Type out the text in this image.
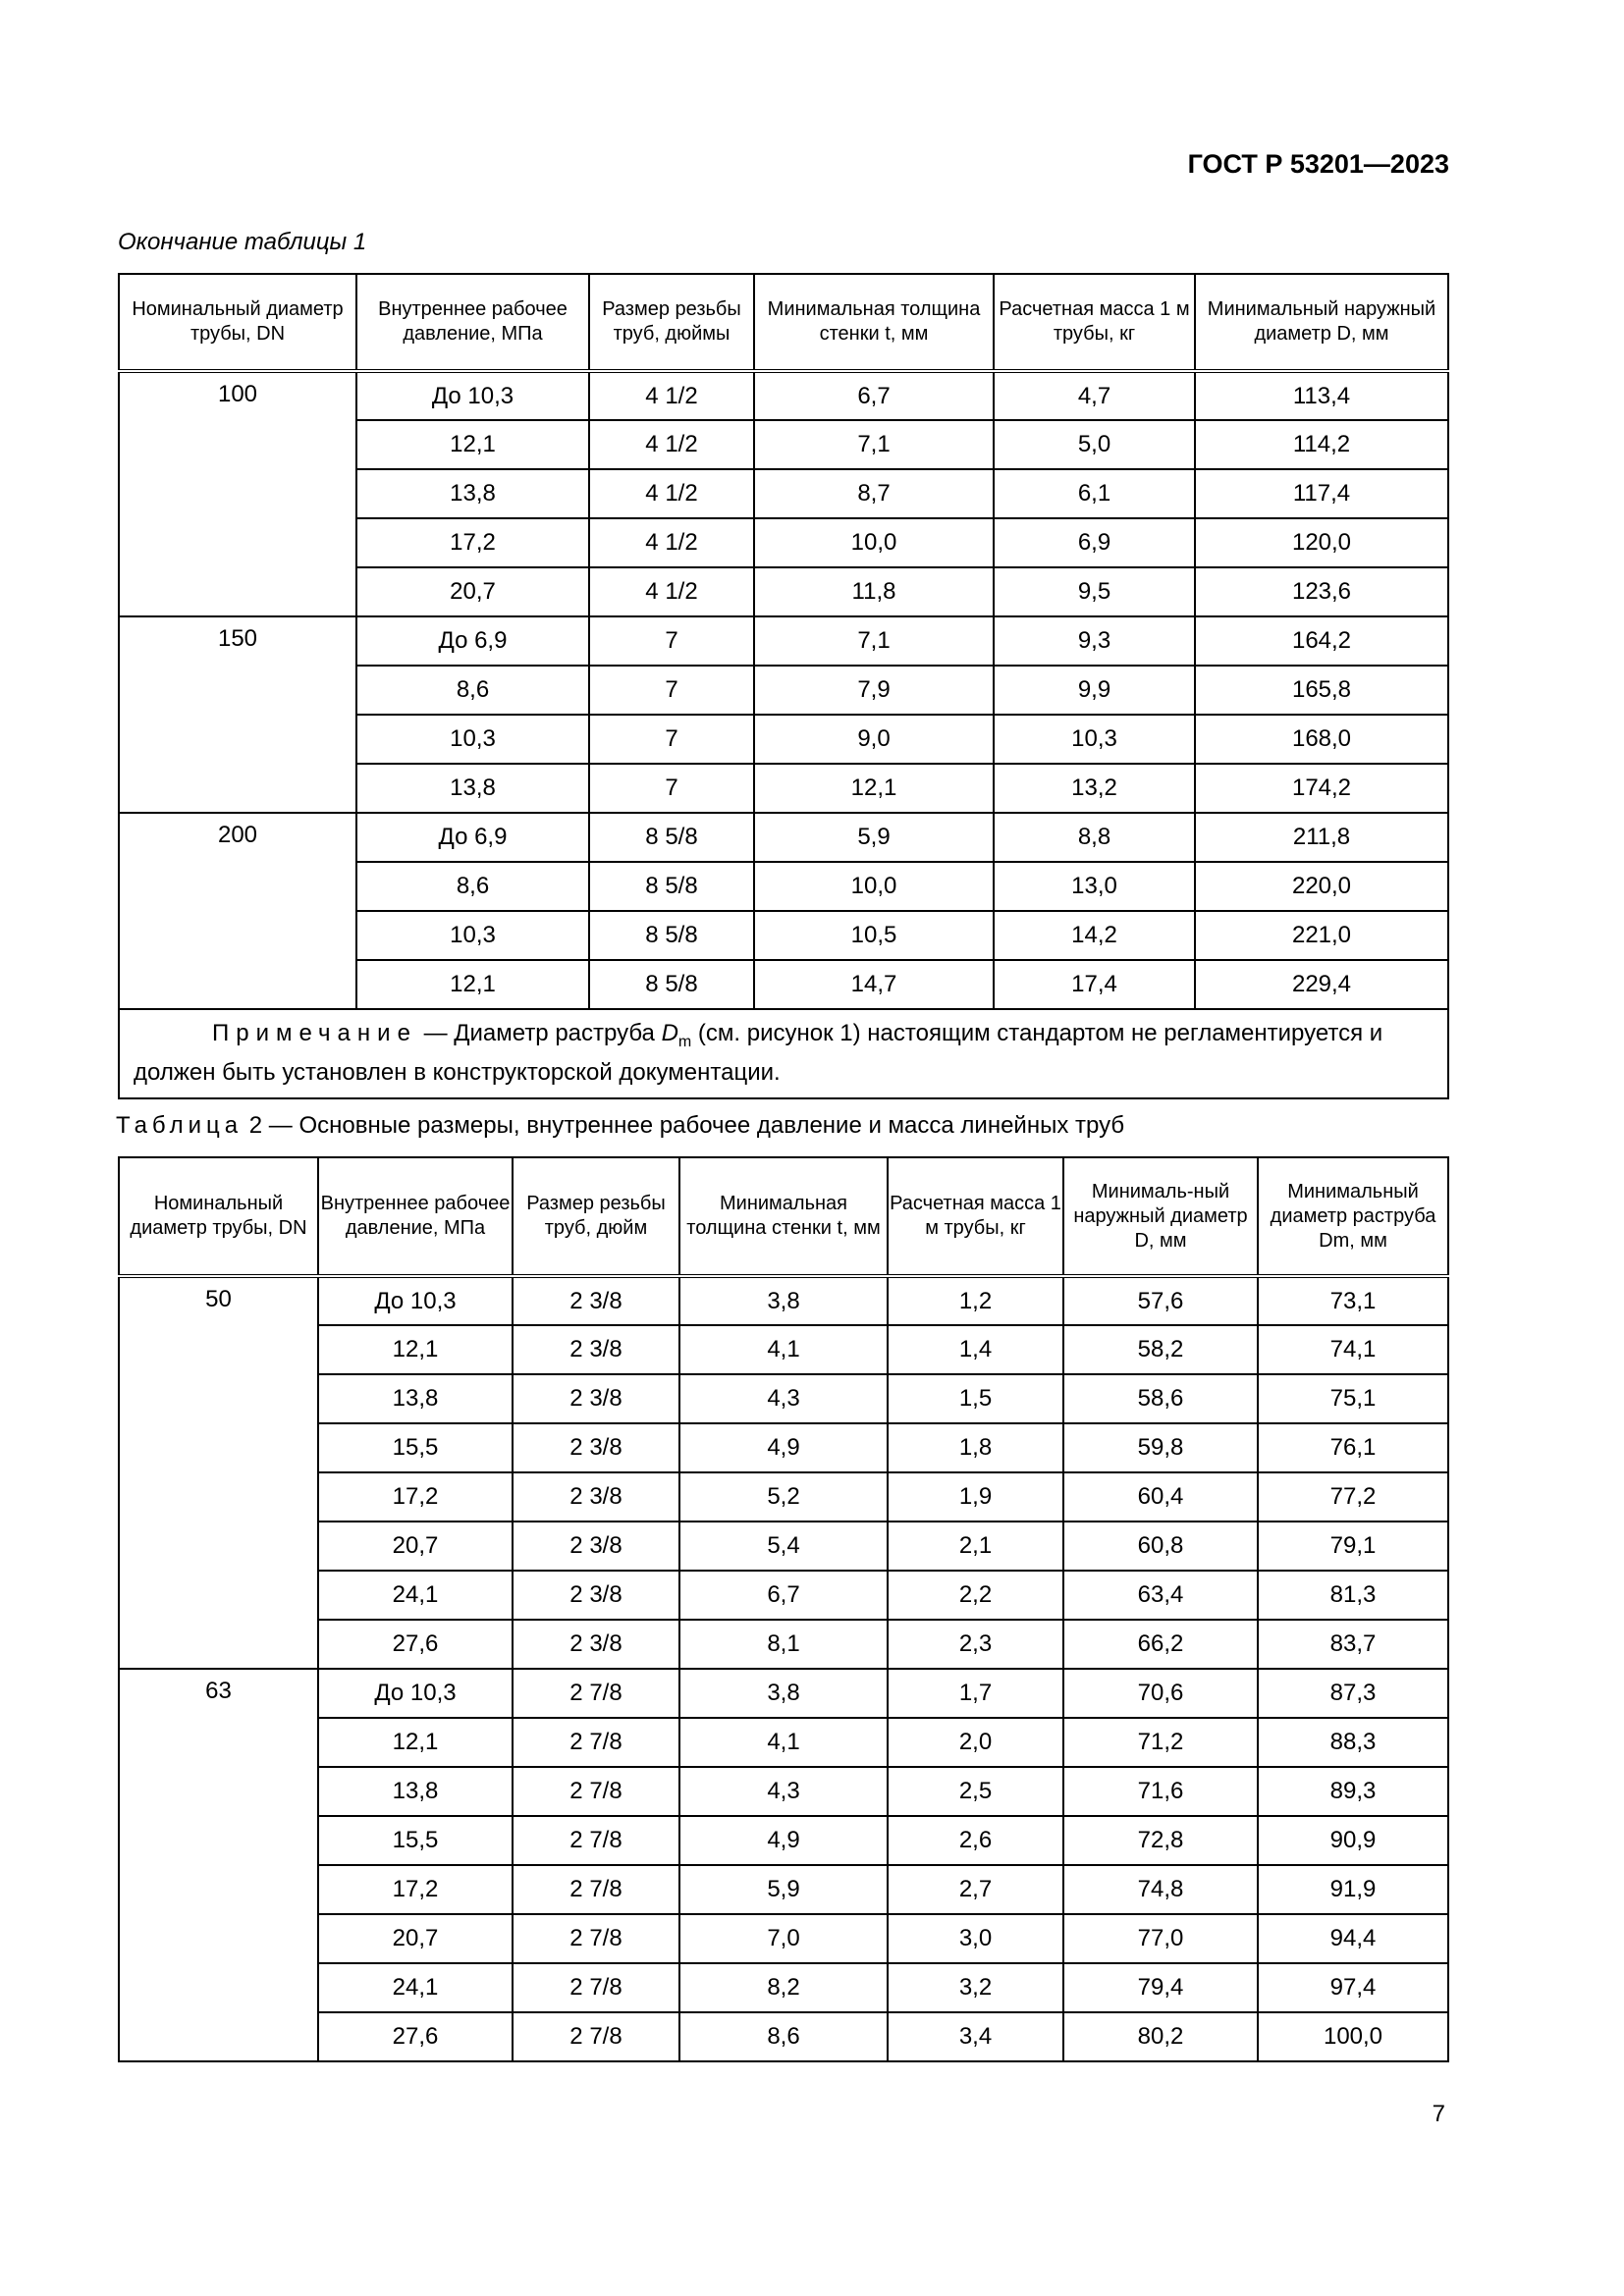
ГОСТ Р 53201—2023
Окончание таблицы 1
Номинальный диаметр трубы, DN	Внутреннее рабочее давление, МПа	Размер резьбы труб, дюймы	Минимальная толщина стенки t, мм	Расчетная масса 1 м трубы, кг	Минимальный наружный диаметр D, мм
100	До 10,3	4 1/2	6,7	4,7	113,4
	12,1	4 1/2	7,1	5,0	114,2
	13,8	4 1/2	8,7	6,1	117,4
	17,2	4 1/2	10,0	6,9	120,0
	20,7	4 1/2	11,8	9,5	123,6
150	До 6,9	7	7,1	9,3	164,2
	8,6	7	7,9	9,9	165,8
	10,3	7	9,0	10,3	168,0
	13,8	7	12,1	13,2	174,2
200	До 6,9	8 5/8	5,9	8,8	211,8
	8,6	8 5/8	10,0	13,0	220,0
	10,3	8 5/8	10,5	14,2	221,0
	12,1	8 5/8	14,7	17,4	229,4
Примечание — Диаметр раструба $D_m$ (см. рисунок 1) настоящим стандартом не регламентируется и должен быть установлен в конструкторской документации.					
Таблица 2 — Основные размеры, внутреннее рабочее давление и масса линейных труб
Номинальный диаметр трубы, DN	Внутреннее рабочее давление, МПа	Размер резьбы труб, дюйм	Минимальная толщина стенки t, мм	Расчетная масса 1 м трубы, кг	Минималь-ный наружный диаметр D, мм	Минимальный диаметр раструба Dm, мм
50	До 10,3	2 3/8	3,8	1,2	57,6	73,1
	12,1	2 3/8	4,1	1,4	58,2	74,1
	13,8	2 3/8	4,3	1,5	58,6	75,1
	15,5	2 3/8	4,9	1,8	59,8	76,1
	17,2	2 3/8	5,2	1,9	60,4	77,2
	20,7	2 3/8	5,4	2,1	60,8	79,1
	24,1	2 3/8	6,7	2,2	63,4	81,3
	27,6	2 3/8	8,1	2,3	66,2	83,7
63	До 10,3	2 7/8	3,8	1,7	70,6	87,3
	12,1	2 7/8	4,1	2,0	71,2	88,3
	13,8	2 7/8	4,3	2,5	71,6	89,3
	15,5	2 7/8	4,9	2,6	72,8	90,9
	17,2	2 7/8	5,9	2,7	74,8	91,9
	20,7	2 7/8	7,0	3,0	77,0	94,4
	24,1	2 7/8	8,2	3,2	79,4	97,4
	27,6	2 7/8	8,6	3,4	80,2	100,0
7
